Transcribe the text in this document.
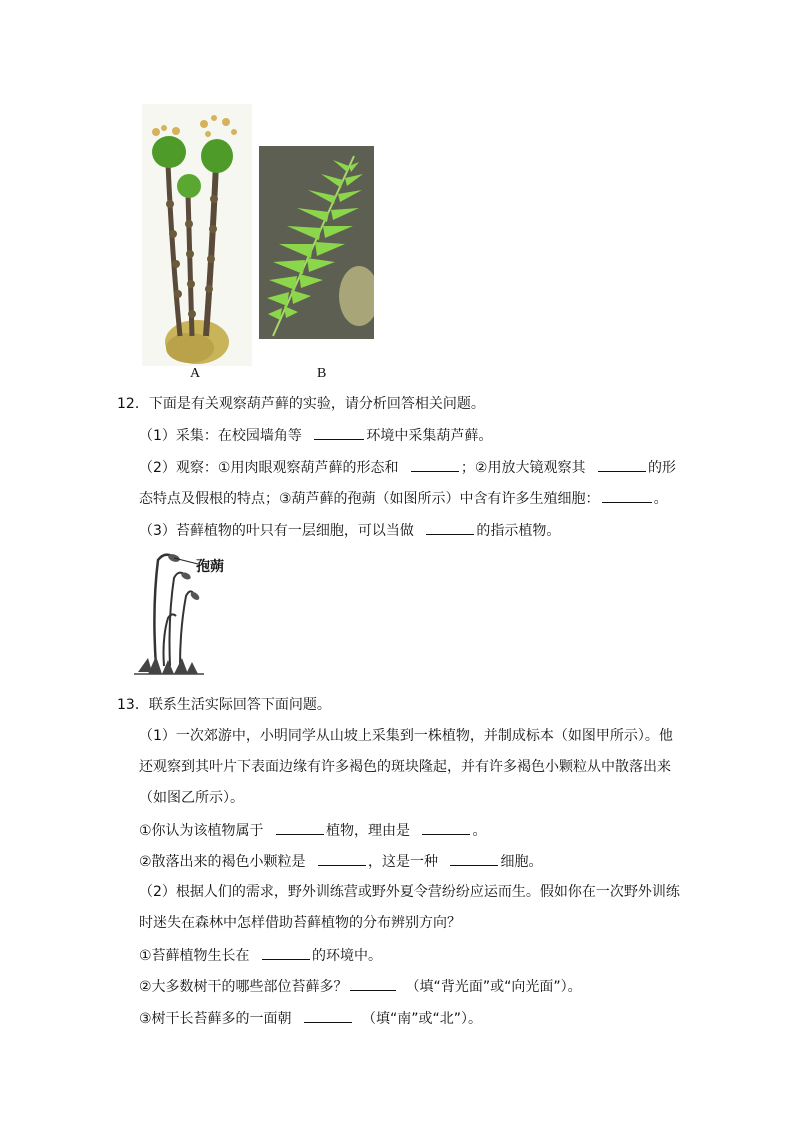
A	B
12．下面是有关观察葫芦藓的实验，请分析回答相关问题。
（1）采集：在校园墙角等	环境中采集葫芦藓。
（2）观察：①用肉眼观察葫芦藓的形态和	；②用放大镜观察其	的形
态特点及假根的特点；③葫芦藓的孢蒴（如图所示）中含有许多生殖细胞：	。
（3）苔藓植物的叶只有一层细胞，可以当做	的指示植物。
孢蒴
13．联系生活实际回答下面问题。
（1）一次郊游中，小明同学从山坡上采集到一株植物，并制成标本（如图甲所示）。他
还观察到其叶片下表面边缘有许多褐色的斑块隆起，并有许多褐色小颗粒从中散落出来
（如图乙所示）。
①你认为该植物属于	植物，理由是	。
②散落出来的褐色小颗粒是	，这是一种	细胞。
（2）根据人们的需求，野外训练营或野外夏令营纷纷应运而生。假如你在一次野外训练
时迷失在森林中怎样借助苔藓植物的分布辨别方向？
①苔藓植物生长在	的环境中。
②大多数树干的哪些部位苔藓多？	（填“背光面”或“向光面”）。
③树干长苔藓多的一面朝	（填“南”或“北”）。
